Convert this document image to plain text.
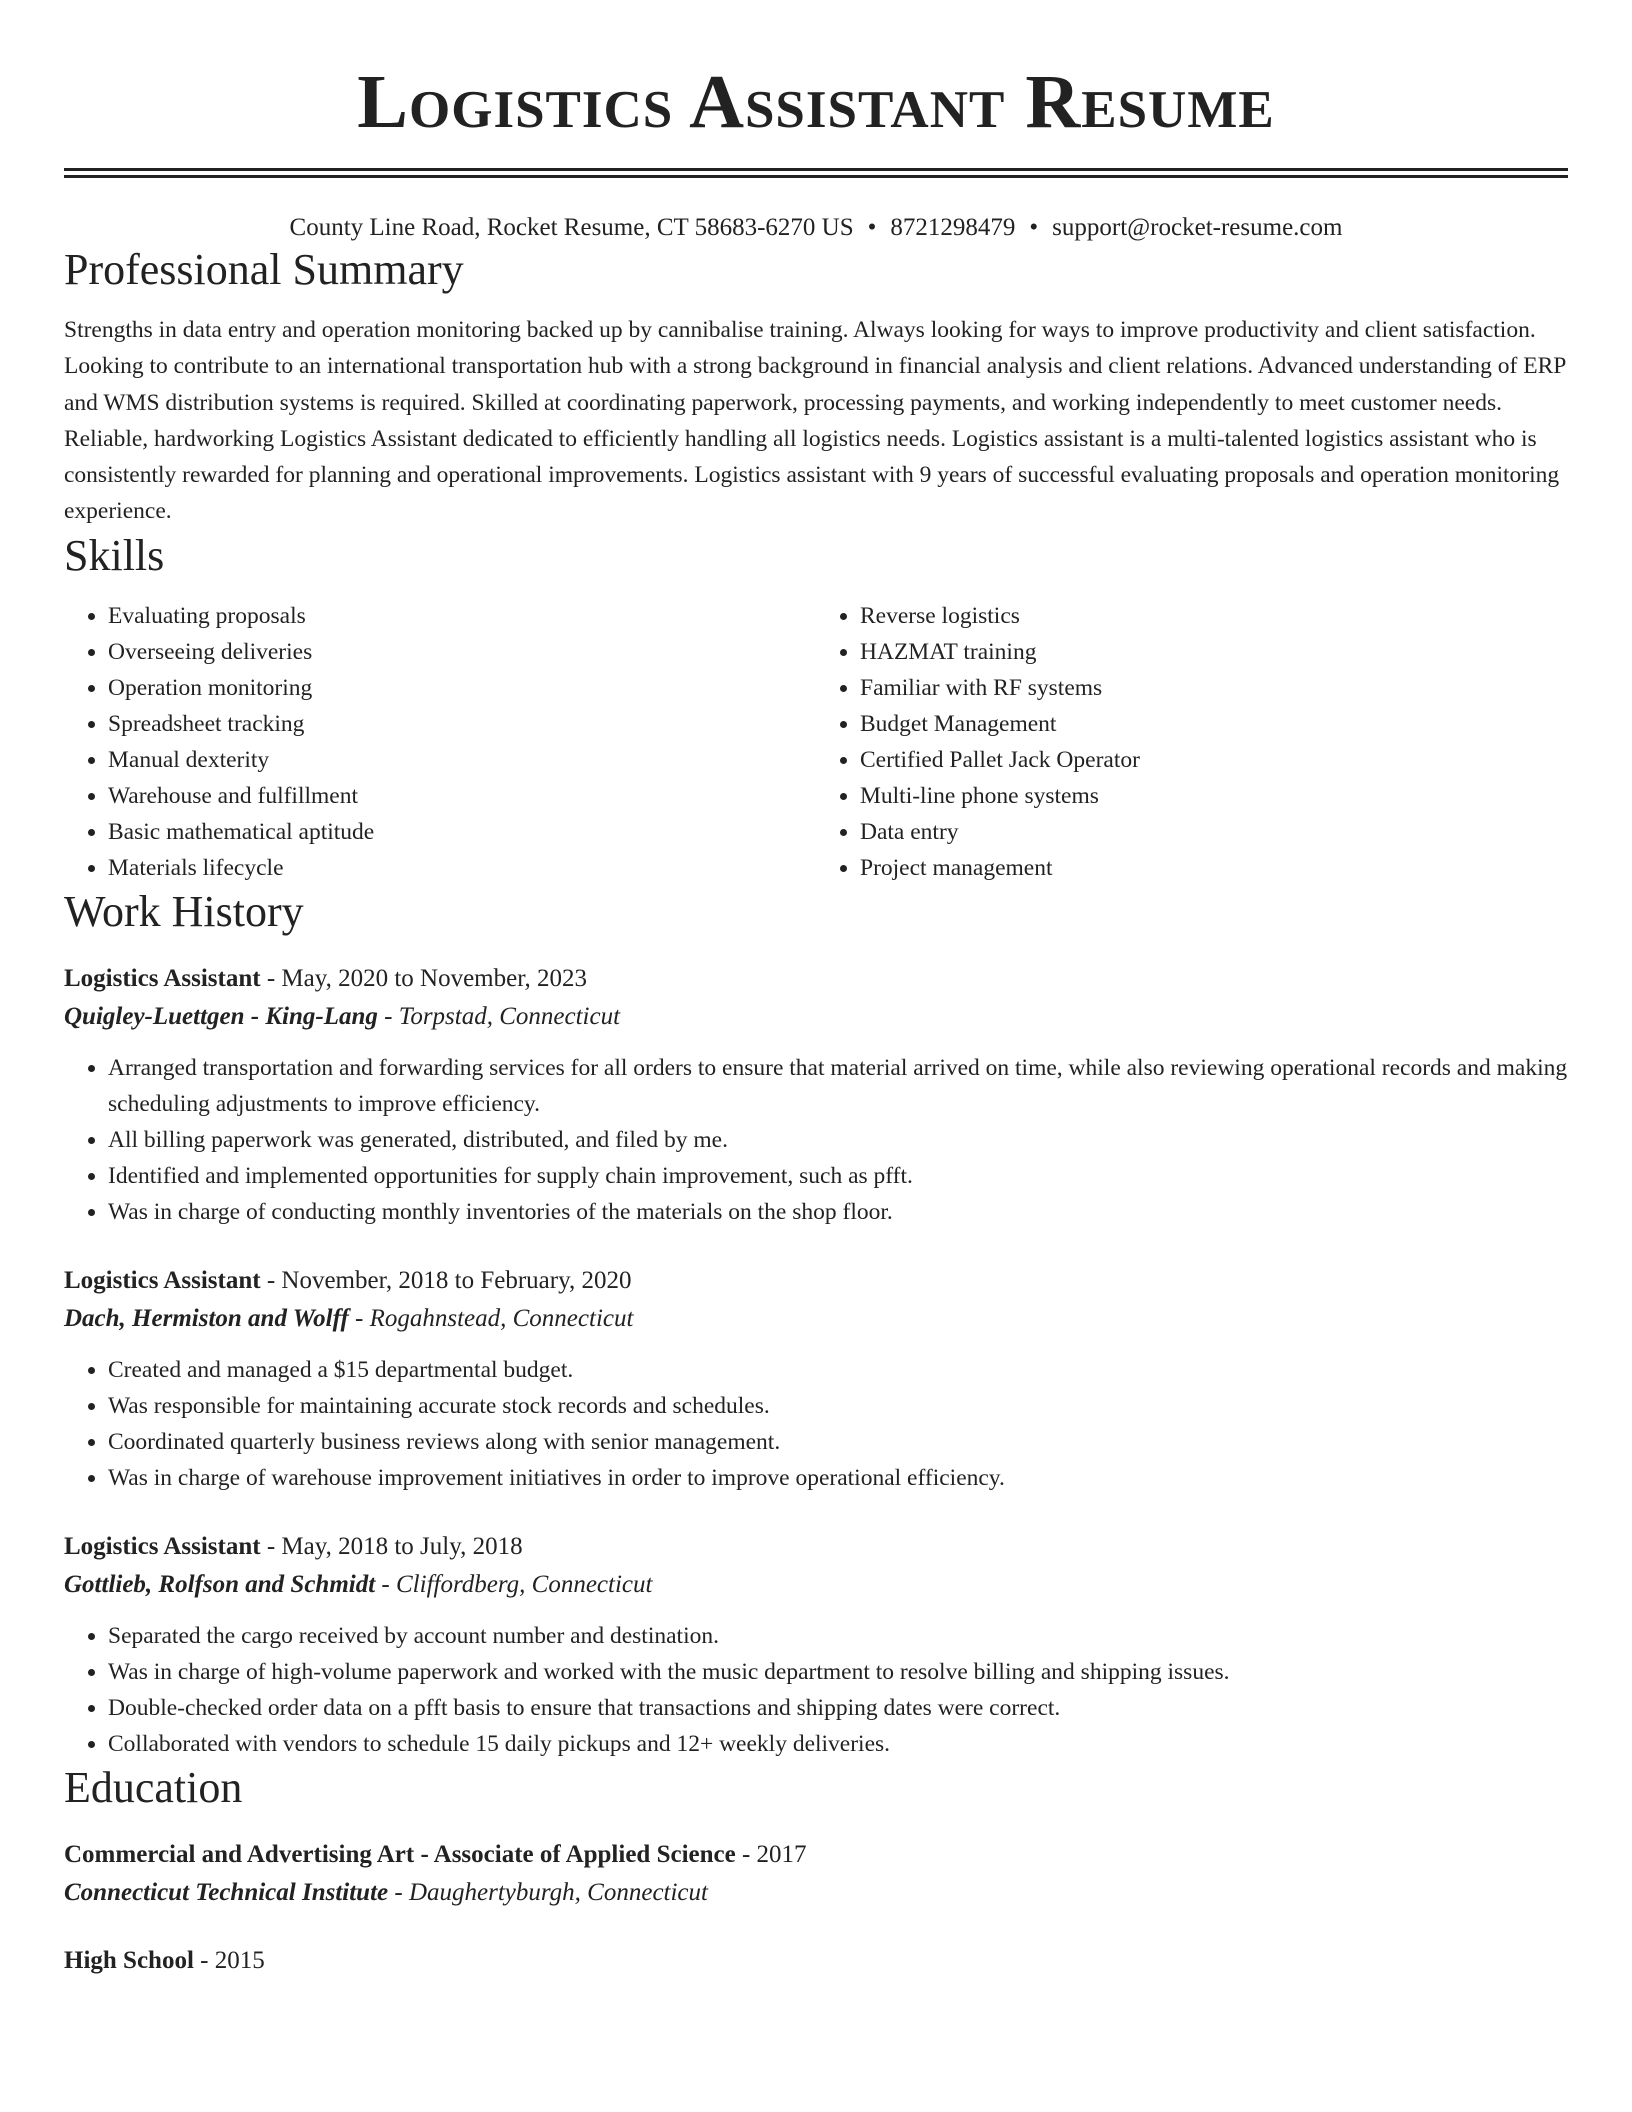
Logistics Assistant Resume
County Line Road, Rocket Resume, CT 58683-6270 US • 8721298479 • support@rocket-resume.com
Professional Summary

Strengths in data entry and operation monitoring backed up by cannibalise training. Always looking for ways to improve productivity and client satisfaction. Looking to contribute to an international transportation hub with a strong background in financial analysis and client relations. Advanced understanding of ERP and WMS distribution systems is required. Skilled at coordinating paperwork, processing payments, and working independently to meet customer needs. Reliable, hardworking Logistics Assistant dedicated to efficiently handling all logistics needs. Logistics assistant is a multi-talented logistics assistant who is consistently rewarded for planning and operational improvements. Logistics assistant with 9 years of successful evaluating proposals and operation monitoring experience.

Skills
• Evaluating proposals
• Overseeing deliveries
• Operation monitoring
• Spreadsheet tracking
• Manual dexterity
• Warehouse and fulfillment
• Basic mathematical aptitude
• Materials lifecycle
• Reverse logistics
• HAZMAT training
• Familiar with RF systems
• Budget Management
• Certified Pallet Jack Operator
• Multi-line phone systems
• Data entry
• Project management
Work History
Logistics Assistant - May, 2020 to November, 2023
Quigley-Luettgen - King-Lang - Torpstad, Connecticut
• Arranged transportation and forwarding services for all orders to ensure that material arrived on time, while also reviewing operational records and making scheduling adjustments to improve efficiency.
• All billing paperwork was generated, distributed, and filed by me.
• Identified and implemented opportunities for supply chain improvement, such as pfft.
• Was in charge of conducting monthly inventories of the materials on the shop floor.
Logistics Assistant - November, 2018 to February, 2020
Dach, Hermiston and Wolff - Rogahnstead, Connecticut
• Created and managed a $15 departmental budget.
• Was responsible for maintaining accurate stock records and schedules.
• Coordinated quarterly business reviews along with senior management.
• Was in charge of warehouse improvement initiatives in order to improve operational efficiency.
Logistics Assistant - May, 2018 to July, 2018
Gottlieb, Rolfson and Schmidt - Cliffordberg, Connecticut
• Separated the cargo received by account number and destination.
• Was in charge of high-volume paperwork and worked with the music department to resolve billing and shipping issues.
• Double-checked order data on a pfft basis to ensure that transactions and shipping dates were correct.
• Collaborated with vendors to schedule 15 daily pickups and 12+ weekly deliveries.
Education
Commercial and Advertising Art - Associate of Applied Science - 2017
Connecticut Technical Institute - Daughertyburgh, Connecticut
High School - 2015
